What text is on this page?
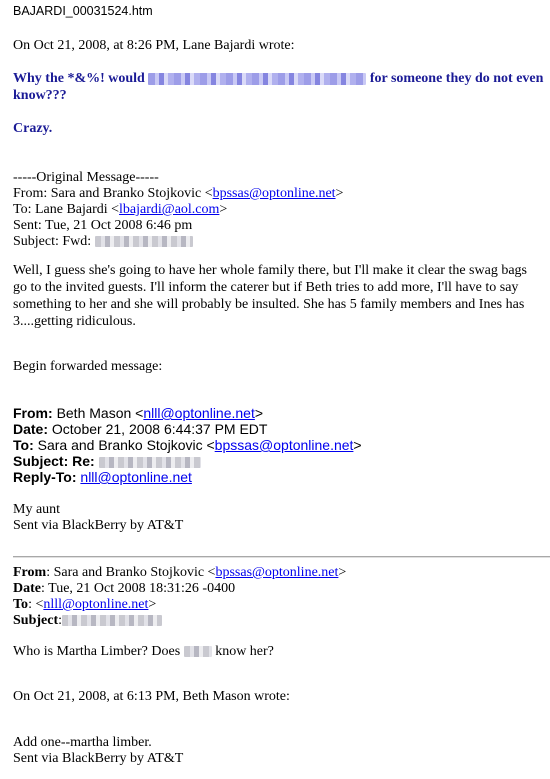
BAJARDI_00031524.htm
On Oct 21, 2008, at 8:26 PM, Lane Bajardi wrote:
Why the *&%! would	for someone they do not even
know???
Crazy.
-----Original Message-----
From: Sara and Branko Stojkovic <bpssas@optonline.net>
To: Lane Bajardi <lbajardi@aol.com>
Sent: Tue, 21 Oct 2008 6:46 pm
Subject: Fwd:
Well, I guess she's going to have her whole family there, but I'll make it clear the swag bags go to the invited guests. I'll inform the caterer but if Beth tries to add more, I'll have to say something to her and she will probably be insulted. She has 5 family members and Ines has 3....getting ridiculous.
Begin forwarded message:
From: Beth Mason <nlll@optonline.net>
Date: October 21, 2008 6:44:37 PM EDT
To: Sara and Branko Stojkovic <bpssas@optonline.net>
Subject: Re:
Reply-To: nlll@optonline.net
My aunt
Sent via BlackBerry by AT&T
From: Sara and Branko Stojkovic <bpssas@optonline.net>
Date: Tue, 21 Oct 2008 18:31:26 -0400
To: <nlll@optonline.net>
Subject:
Who is Martha Limber? Does	know her?
On Oct 21, 2008, at 6:13 PM, Beth Mason wrote:
Add one--martha limber.
Sent via BlackBerry by AT&T
